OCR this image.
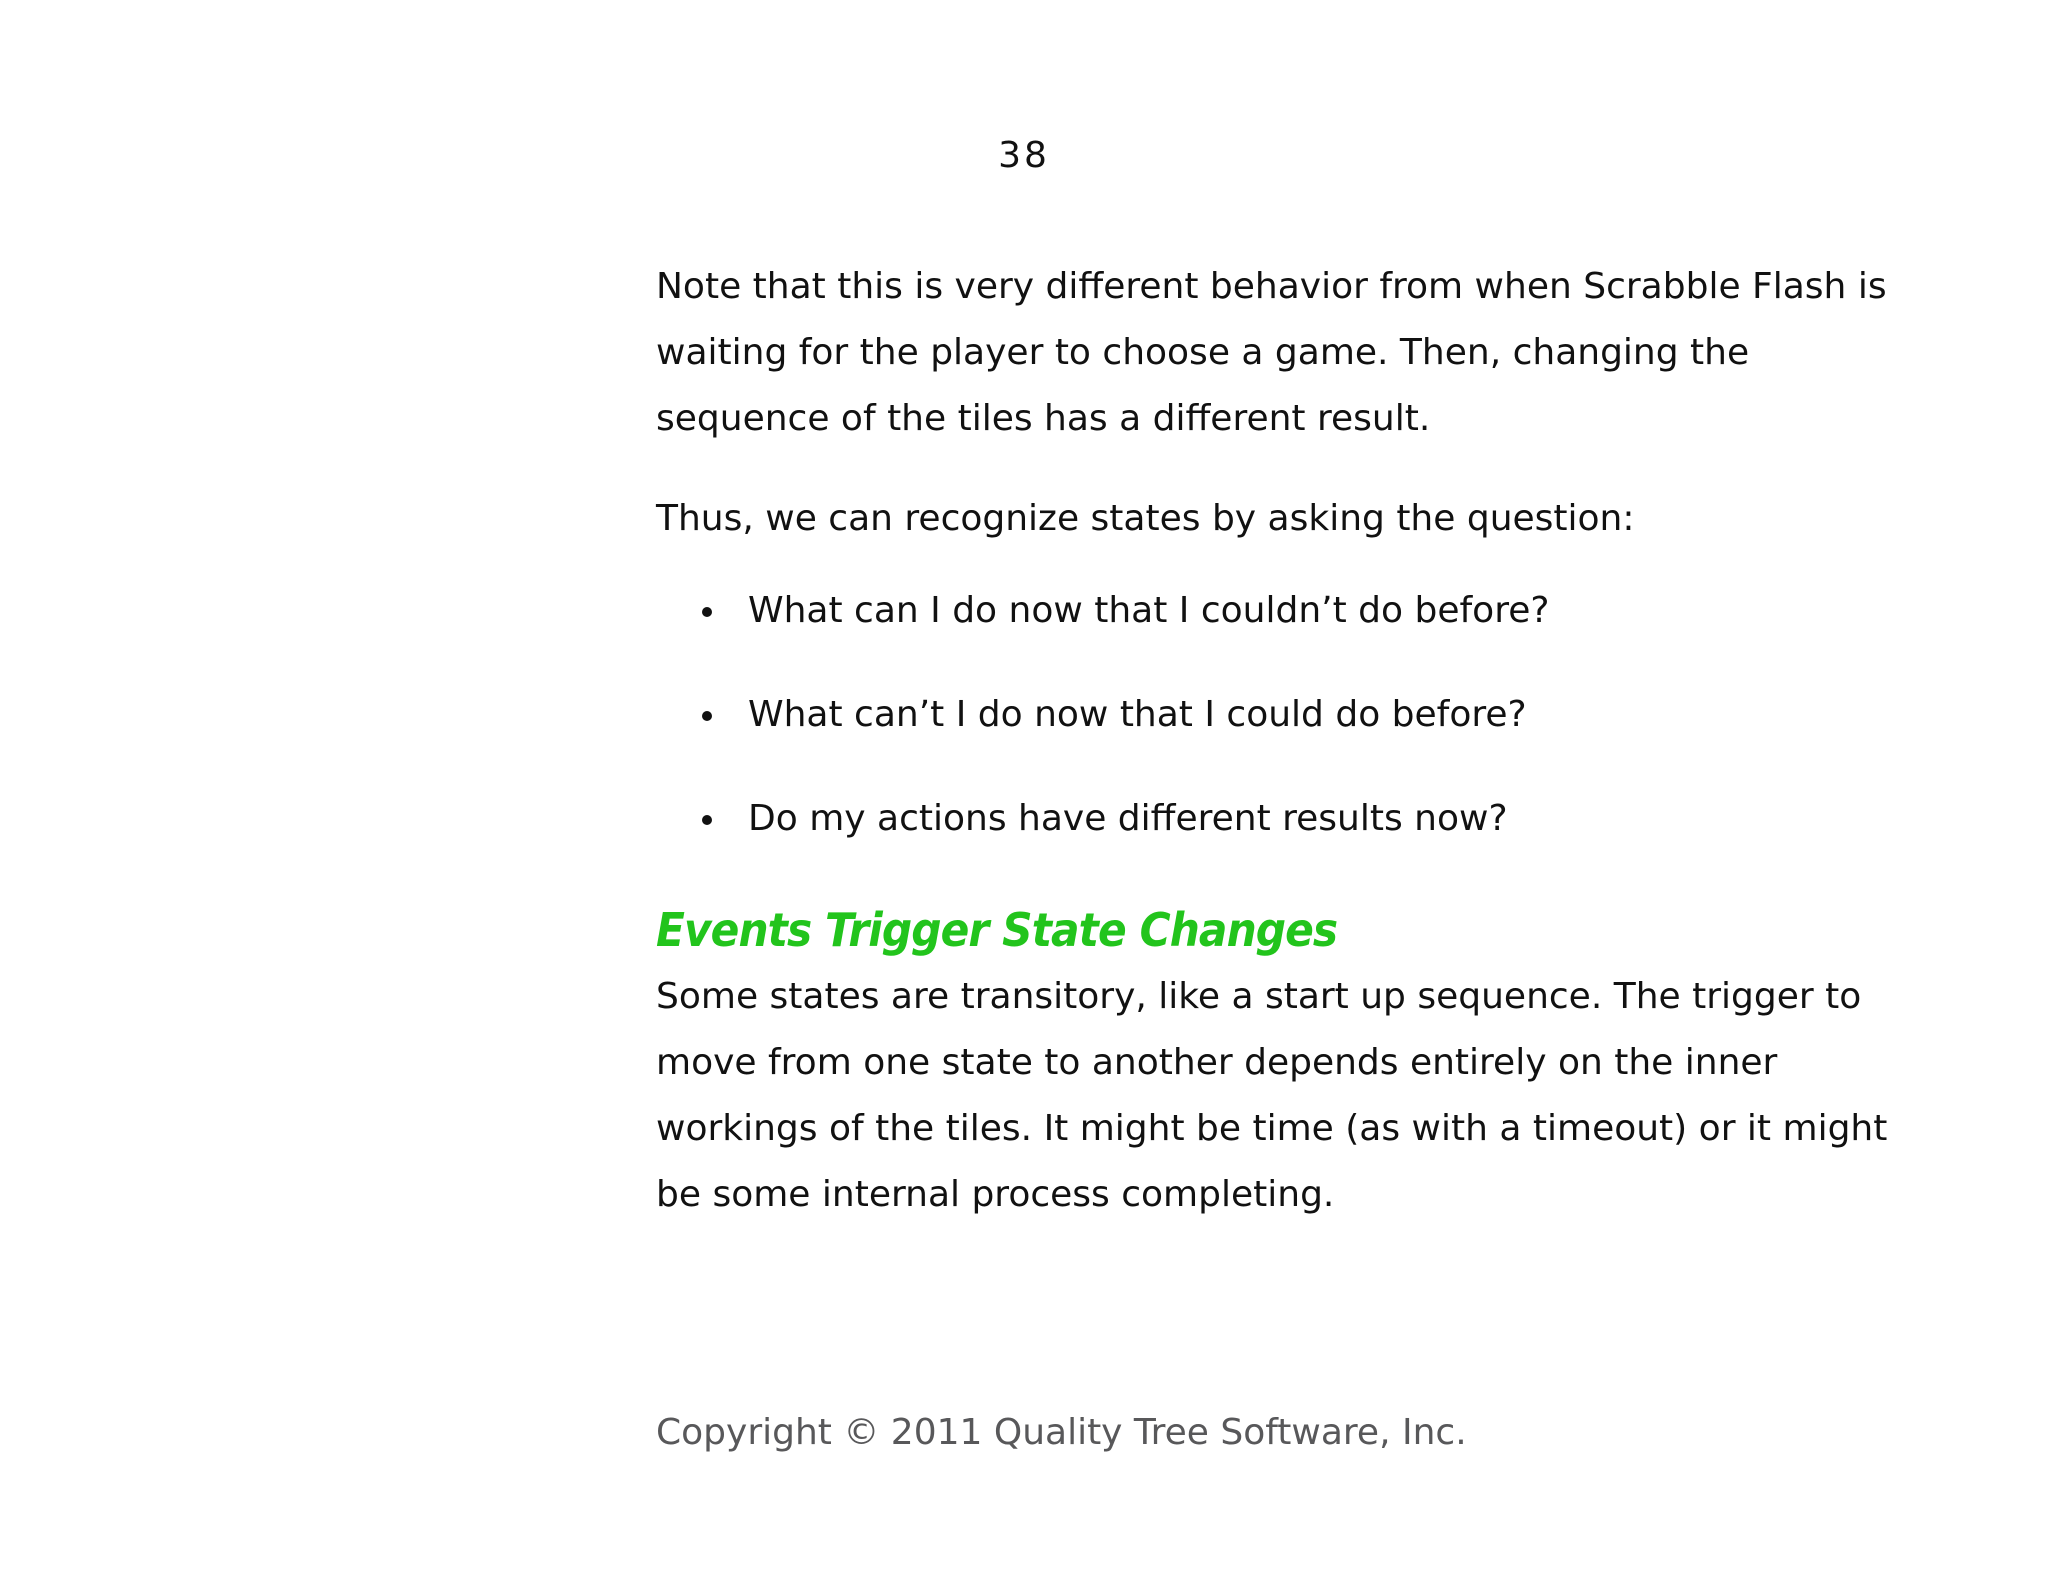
38

Note that this is very different behavior from when Scrabble Flash is
waiting for the player to choose a game. Then, changing the
sequence of the tiles has a different result.

Thus, we can recognize states by asking the question:

What can I do now that I couldn’t do before?
What can’t I do now that I could do before?
Do my actions have different results now?
Events Trigger State Changes

Some states are transitory, like a start up sequence. The trigger to
move from one state to another depends entirely on the inner
workings of the tiles. It might be time (as with a timeout) or it might
be some internal process completing.

Copyright © 2011 Quality Tree Software, Inc.
